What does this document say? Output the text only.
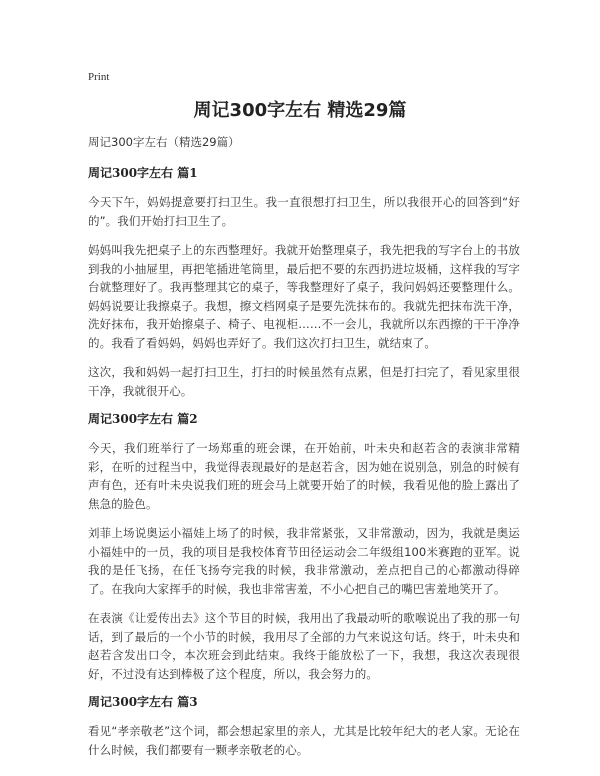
Print
周记300字左右 精选29篇

周记300字左右（精选29篇）

周记300字左右 篇1

今天下午，妈妈提意要打扫卫生。我一直很想打扫卫生，所以我很开心的回答到“好的”。我们开始打扫卫生了。

妈妈叫我先把桌子上的东西整理好。我就开始整理桌子，我先把我的写字台上的书放到我的小抽屉里，再把笔插进笔筒里，最后把不要的东西扔进垃圾桶，这样我的写字台就整理好了。我再整理其它的桌子，等我整理好了桌子，我问妈妈还要整理什么。妈妈说要让我擦桌子。我想，擦文档网桌子是要先洗抹布的。我就先把抹布洗干净，洗好抹布，我开始擦桌子、椅子、电视柜……不一会儿，我就所以东西擦的干干净净的。我看了看妈妈，妈妈也弄好了。我们这次打扫卫生，就结束了。

这次，我和妈妈一起打扫卫生，打扫的时候虽然有点累，但是打扫完了，看见家里很干净，我就很开心。

周记300字左右 篇2

今天，我们班举行了一场郑重的班会课，在开始前，叶未央和赵若含的表演非常精彩，在听的过程当中，我觉得表现最好的是赵若含，因为她在说别急，别急的时候有声有色，还有叶未央说我们班的班会马上就要开始了的时候，我看见他的脸上露出了焦急的脸色。

刘菲上场说奥运小福娃上场了的时候，我非常紧张，又非常激动，因为，我就是奥运小福娃中的一员，我的项目是我校体育节田径运动会二年级组100米赛跑的亚军。说我的是任飞扬，在任飞扬夸完我的时候，我非常激动，差点把自己的心都激动得碎了。在我向大家挥手的时候，我也非常害羞，不小心把自己的嘴巴害羞地笑开了。

在表演《让爱传出去》这个节目的时候，我用出了我最动听的歌喉说出了我的那一句话，到了最后的一个小节的时候，我用尽了全部的力气来说这句话。终于，叶未央和赵若含发出口令，本次班会到此结束。我终于能放松了一下，我想，我这次表现很好，不过没有达到棒极了这个程度，所以，我会努力的。

周记300字左右 篇3

看见“孝亲敬老”这个词，都会想起家里的亲人，尤其是比较年纪大的老人家。无论在什么时候，我们都要有一颗孝亲敬老的心。
